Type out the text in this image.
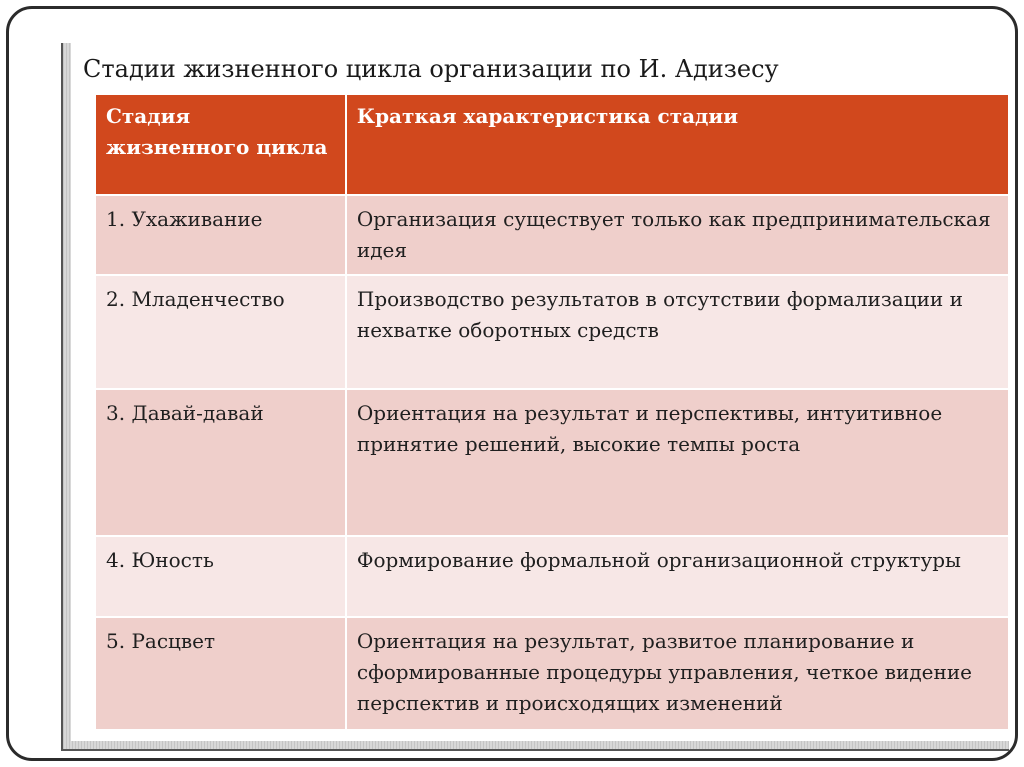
Стадии жизненного цикла организации по И. Адизесу
Стадия жизненного цикла	Краткая характеристика стадии
1. Ухаживание	Организация существует только как предпринимательская идея
2. Младенчество	Производство результатов в отсутствии формализации и нехватке оборотных средств
3. Давай-давай	Ориентация на результат и перспективы, интуитивное принятие решений, высокие темпы роста
4. Юность	Формирование формальной организационной структуры
5. Расцвет	Ориентация на результат, развитое планирование и сформированные процедуры управления, четкое видение перспектив и происходящих изменений
